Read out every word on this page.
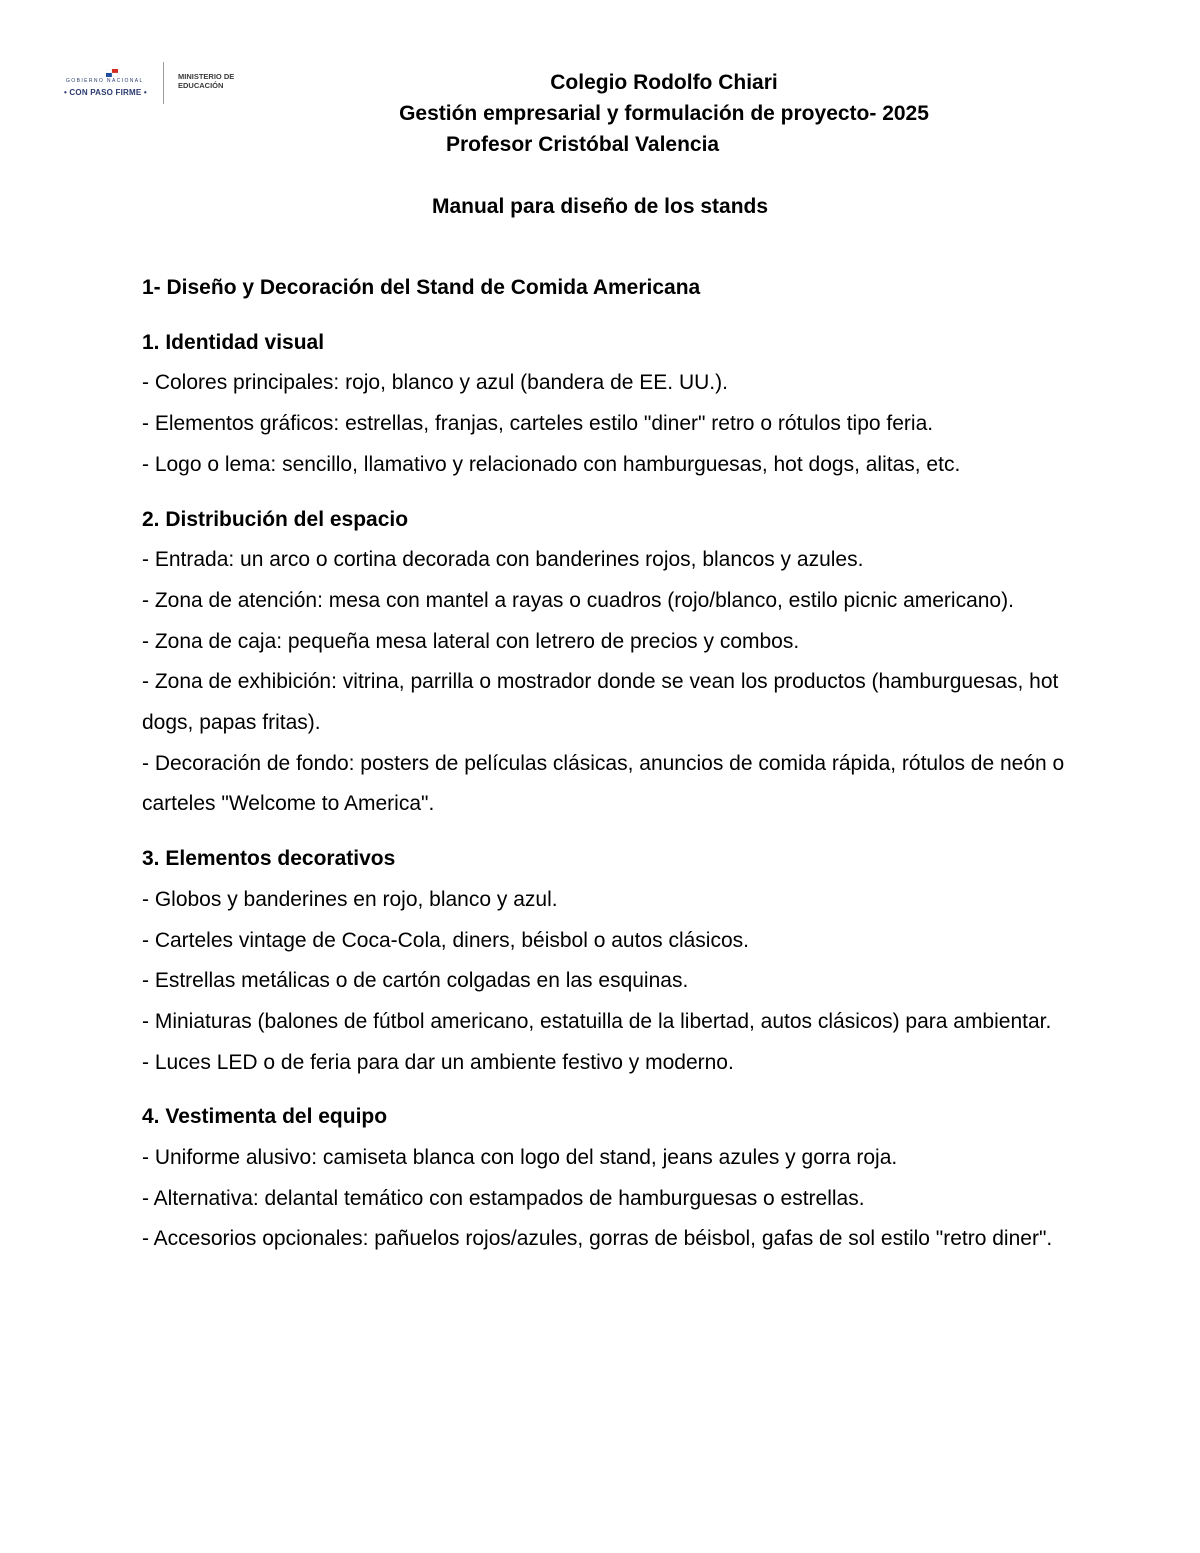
GOBIERNO NACIONAL
• CON PASO FIRME •
MINISTERIO DE EDUCACIÓN	Colegio Rodolfo Chiari
Gestión empresarial y formulación de proyecto- 2025
Profesor Cristóbal Valencia
Manual para diseño de los stands
1- Diseño y Decoración del Stand de Comida Americana
1. Identidad visual
- Colores principales: rojo, blanco y azul (bandera de EE. UU.).
- Elementos gráficos: estrellas, franjas, carteles estilo "diner" retro o rótulos tipo feria.
- Logo o lema: sencillo, llamativo y relacionado con hamburguesas, hot dogs, alitas, etc.
2. Distribución del espacio
- Entrada: un arco o cortina decorada con banderines rojos, blancos y azules.
- Zona de atención: mesa con mantel a rayas o cuadros (rojo/blanco, estilo picnic americano).
- Zona de caja: pequeña mesa lateral con letrero de precios y combos.
- Zona de exhibición: vitrina, parrilla o mostrador donde se vean los productos (hamburguesas, hot dogs, papas fritas).
- Decoración de fondo: posters de películas clásicas, anuncios de comida rápida, rótulos de neón o carteles "Welcome to America".
3. Elementos decorativos
- Globos y banderines en rojo, blanco y azul.
- Carteles vintage de Coca-Cola, diners, béisbol o autos clásicos.
- Estrellas metálicas o de cartón colgadas en las esquinas.
- Miniaturas (balones de fútbol americano, estatuilla de la libertad, autos clásicos) para ambientar.
- Luces LED o de feria para dar un ambiente festivo y moderno.
4. Vestimenta del equipo
- Uniforme alusivo: camiseta blanca con logo del stand, jeans azules y gorra roja.
- Alternativa: delantal temático con estampados de hamburguesas o estrellas.
- Accesorios opcionales: pañuelos rojos/azules, gorras de béisbol, gafas de sol estilo "retro diner".
